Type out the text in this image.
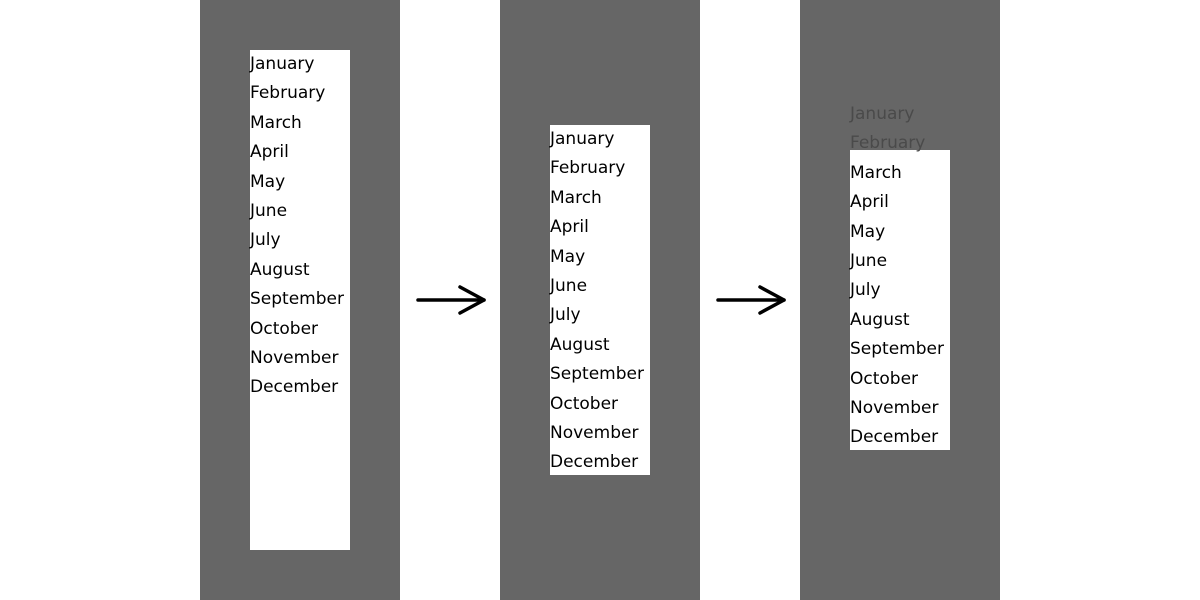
January
February
March
April
May
June
July
August
September
October
November
December
January
February
March
April
May
June
July
August
September
October
November
December
January
February
March
April
May
June
July
August
September
October
November
December
